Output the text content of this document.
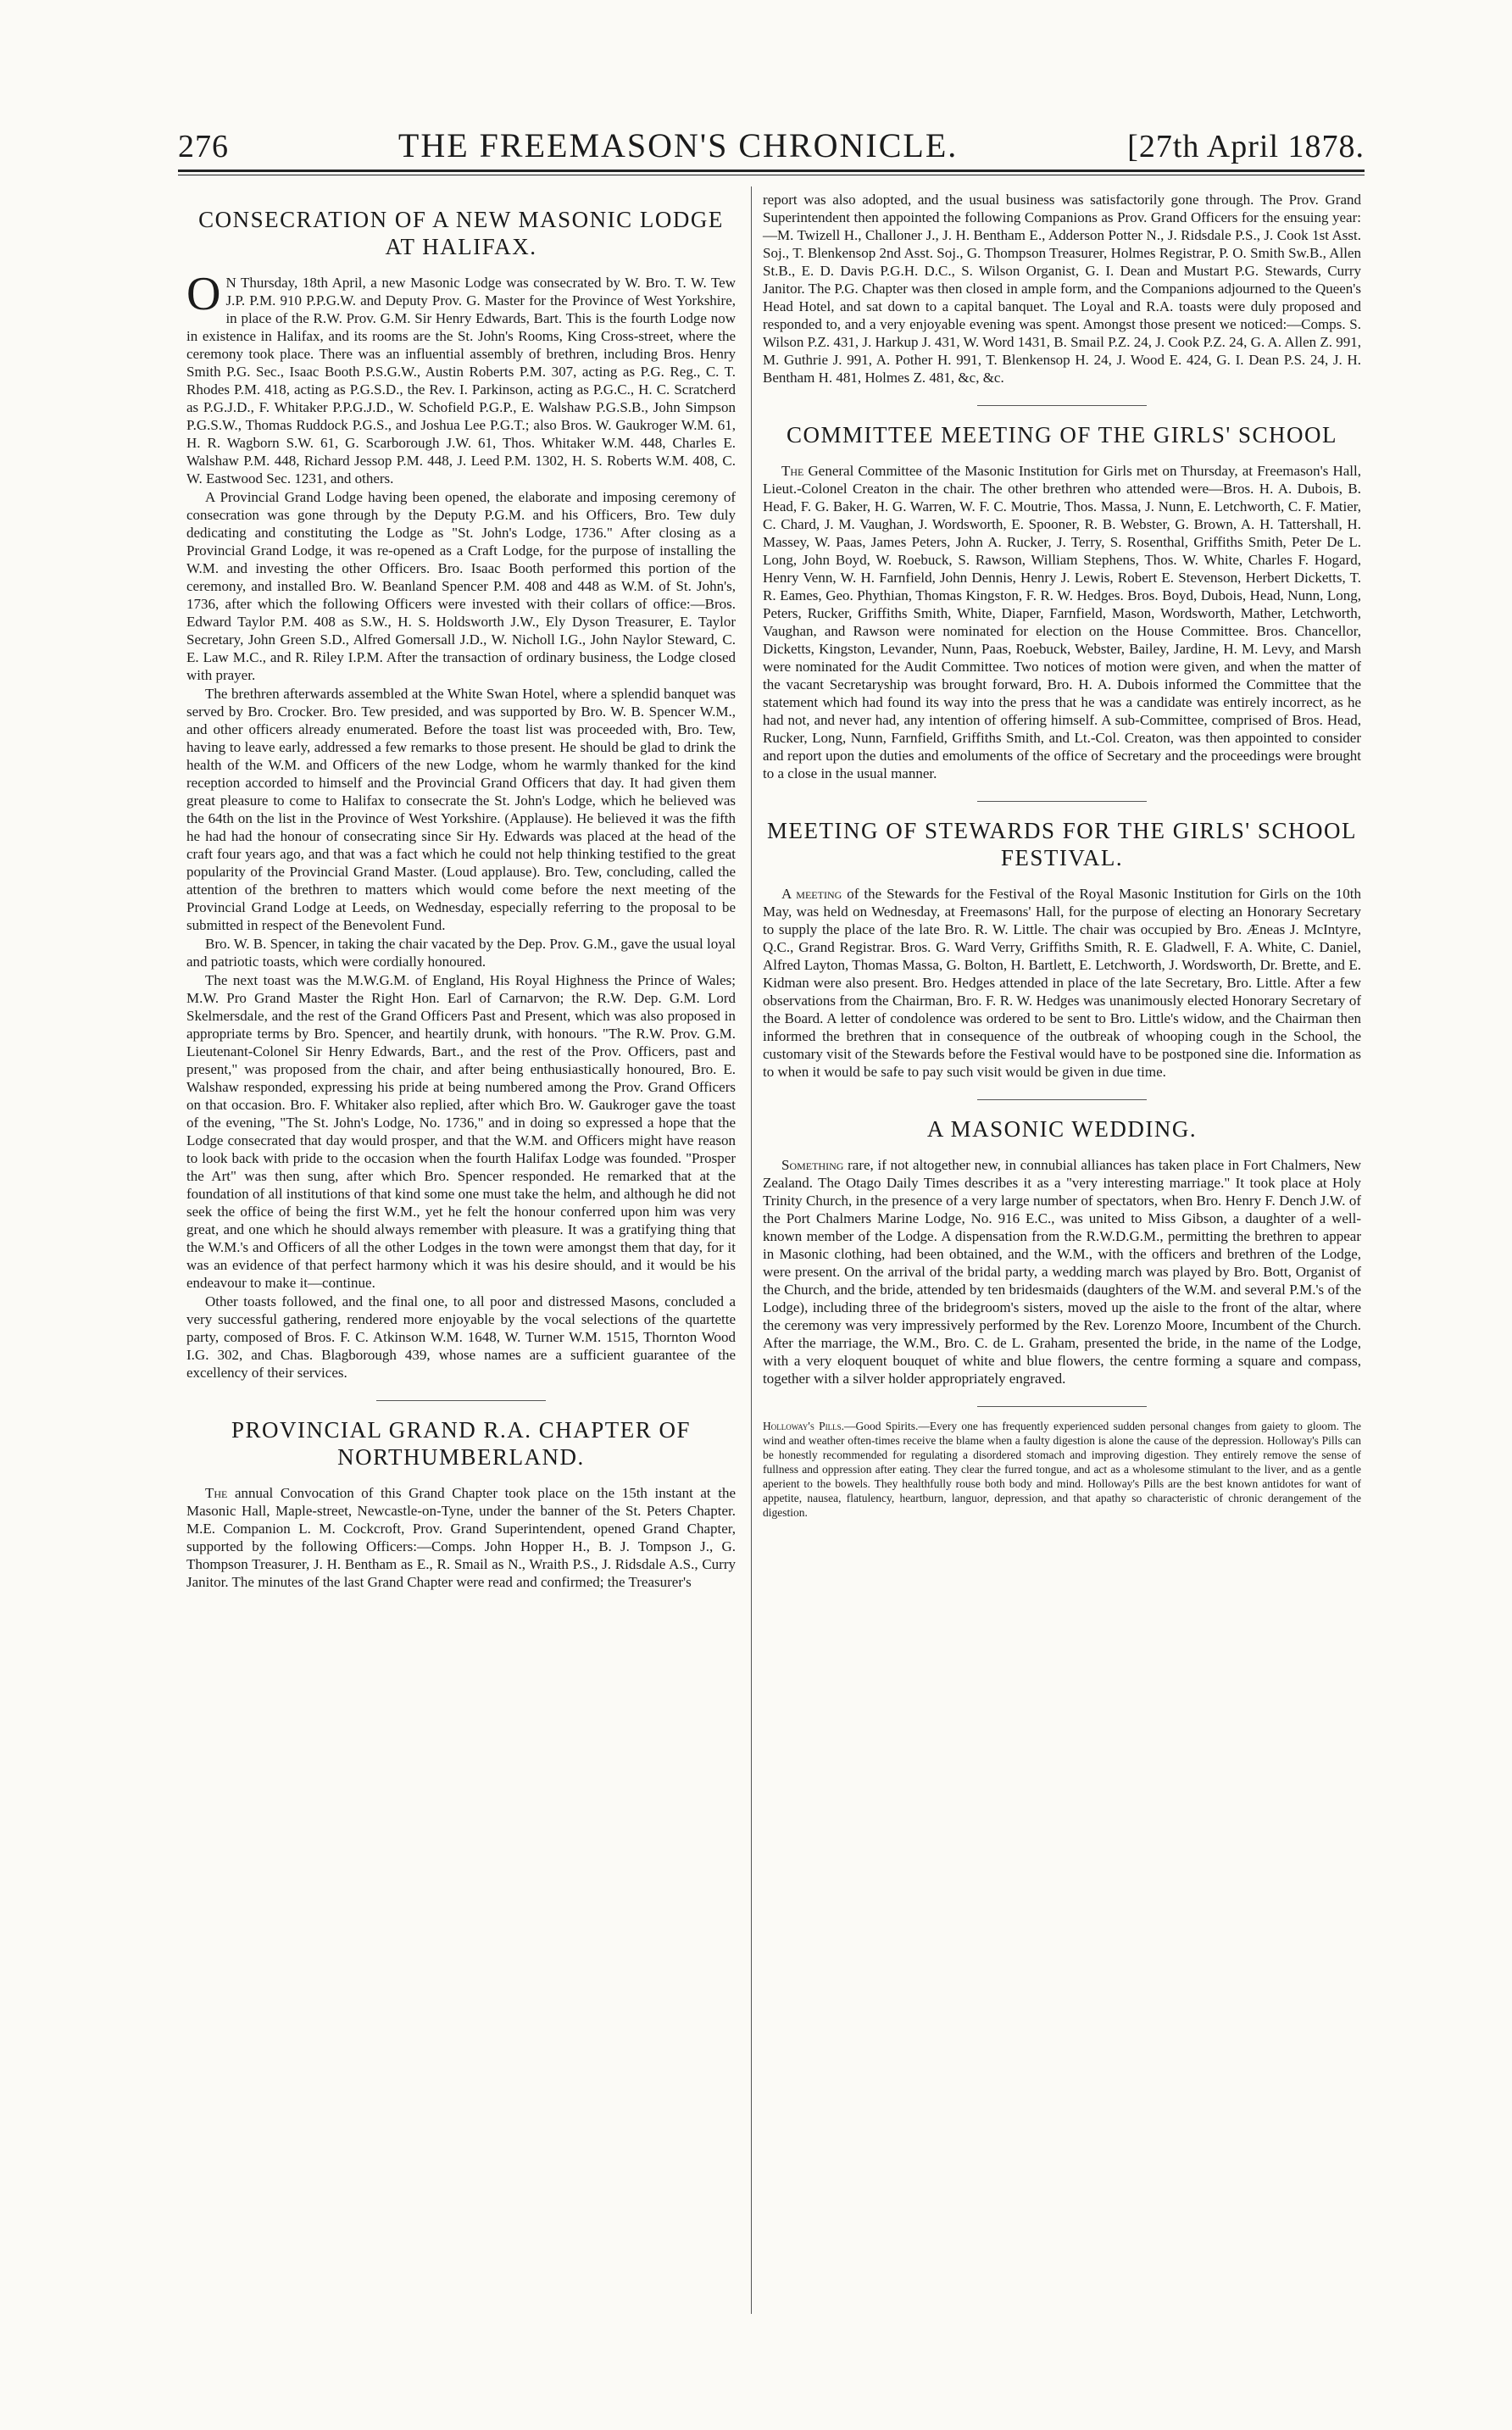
276	THE FREEMASON'S CHRONICLE.	[27th April 1878.
CONSECRATION OF A NEW MASONIC LODGE AT HALIFAX.

O N Thursday, 18th April, a new Masonic Lodge was consecrated by W. Bro. T. W. Tew J.P. P.M. 910 P.P.G.W. and Deputy Prov. G. Master for the Province of West Yorkshire, in place of the R.W. Prov. G.M. Sir Henry Edwards, Bart. This is the fourth Lodge now in existence in Halifax, and its rooms are the St. John's Rooms, King Cross-street, where the ceremony took place. There was an influential assembly of brethren, including Bros. Henry Smith P.G. Sec., Isaac Booth P.S.G.W., Austin Roberts P.M. 307, acting as P.G. Reg., C. T. Rhodes P.M. 418, acting as P.G.S.D., the Rev. I. Parkinson, acting as P.G.C., H. C. Scratcherd as P.G.J.D., F. Whitaker P.P.G.J.D., W. Schofield P.G.P., E. Walshaw P.G.S.B., John Simpson P.G.S.W., Thomas Ruddock P.G.S., and Joshua Lee P.G.T.; also Bros. W. Gaukroger W.M. 61, H. R. Wagborn S.W. 61, G. Scarborough J.W. 61, Thos. Whitaker W.M. 448, Charles E. Walshaw P.M. 448, Richard Jessop P.M. 448, J. Leed P.M. 1302, H. S. Roberts W.M. 408, C. W. Eastwood Sec. 1231, and others.

A Provincial Grand Lodge having been opened, the elaborate and imposing ceremony of consecration was gone through by the Deputy P.G.M. and his Officers, Bro. Tew duly dedicating and constituting the Lodge as "St. John's Lodge, 1736." After closing as a Provincial Grand Lodge, it was re-opened as a Craft Lodge, for the purpose of installing the W.M. and investing the other Officers. Bro. Isaac Booth performed this portion of the ceremony, and installed Bro. W. Beanland Spencer P.M. 408 and 448 as W.M. of St. John's, 1736, after which the following Officers were invested with their collars of office:—Bros. Edward Taylor P.M. 408 as S.W., H. S. Holdsworth J.W., Ely Dyson Treasurer, E. Taylor Secretary, John Green S.D., Alfred Gomersall J.D., W. Nicholl I.G., John Naylor Steward, C. E. Law M.C., and R. Riley I.P.M. After the transaction of ordinary business, the Lodge closed with prayer.

The brethren afterwards assembled at the White Swan Hotel, where a splendid banquet was served by Bro. Crocker. Bro. Tew presided, and was supported by Bro. W. B. Spencer W.M., and other officers already enumerated. Before the toast list was proceeded with, Bro. Tew, having to leave early, addressed a few remarks to those present. He should be glad to drink the health of the W.M. and Officers of the new Lodge, whom he warmly thanked for the kind reception accorded to himself and the Provincial Grand Officers that day. It had given them great pleasure to come to Halifax to consecrate the St. John's Lodge, which he believed was the 64th on the list in the Province of West Yorkshire. (Applause). He believed it was the fifth he had had the honour of consecrating since Sir Hy. Edwards was placed at the head of the craft four years ago, and that was a fact which he could not help thinking testified to the great popularity of the Provincial Grand Master. (Loud applause). Bro. Tew, concluding, called the attention of the brethren to matters which would come before the next meeting of the Provincial Grand Lodge at Leeds, on Wednesday, especially referring to the proposal to be submitted in respect of the Benevolent Fund.

Bro. W. B. Spencer, in taking the chair vacated by the Dep. Prov. G.M., gave the usual loyal and patriotic toasts, which were cordially honoured.

The next toast was the M.W.G.M. of England, His Royal Highness the Prince of Wales; M.W. Pro Grand Master the Right Hon. Earl of Carnarvon; the R.W. Dep. G.M. Lord Skelmersdale, and the rest of the Grand Officers Past and Present, which was also proposed in appropriate terms by Bro. Spencer, and heartily drunk, with honours. "The R.W. Prov. G.M. Lieutenant-Colonel Sir Henry Edwards, Bart., and the rest of the Prov. Officers, past and present," was proposed from the chair, and after being enthusiastically honoured, Bro. E. Walshaw responded, expressing his pride at being numbered among the Prov. Grand Officers on that occasion. Bro. F. Whitaker also replied, after which Bro. W. Gaukroger gave the toast of the evening, "The St. John's Lodge, No. 1736," and in doing so expressed a hope that the Lodge consecrated that day would prosper, and that the W.M. and Officers might have reason to look back with pride to the occasion when the fourth Halifax Lodge was founded. "Prosper the Art" was then sung, after which Bro. Spencer responded. He remarked that at the foundation of all institutions of that kind some one must take the helm, and although he did not seek the office of being the first W.M., yet he felt the honour conferred upon him was very great, and one which he should always remember with pleasure. It was a gratifying thing that the W.M.'s and Officers of all the other Lodges in the town were amongst them that day, for it was an evidence of that perfect harmony which it was his desire should, and it would be his endeavour to make it—continue.

Other toasts followed, and the final one, to all poor and distressed Masons, concluded a very successful gathering, rendered more enjoyable by the vocal selections of the quartette party, composed of Bros. F. C. Atkinson W.M. 1648, W. Turner W.M. 1515, Thornton Wood I.G. 302, and Chas. Blagborough 439, whose names are a sufficient guarantee of the excellency of their services.

PROVINCIAL GRAND R.A. CHAPTER OF NORTHUMBERLAND.

The annual Convocation of this Grand Chapter took place on the 15th instant at the Masonic Hall, Maple-street, Newcastle-on-Tyne, under the banner of the St. Peters Chapter. M.E. Companion L. M. Cockcroft, Prov. Grand Superintendent, opened Grand Chapter, supported by the following Officers:—Comps. John Hopper H., B. J. Tompson J., G. Thompson Treasurer, J. H. Bentham as E., R. Smail as N., Wraith P.S., J. Ridsdale A.S., Curry Janitor. The minutes of the last Grand Chapter were read and confirmed; the Treasurer's

report was also adopted, and the usual business was satisfactorily gone through. The Prov. Grand Superintendent then appointed the following Companions as Prov. Grand Officers for the ensuing year:—M. Twizell H., Challoner J., J. H. Bentham E., Adderson Potter N., J. Ridsdale P.S., J. Cook 1st Asst. Soj., T. Blenkensop 2nd Asst. Soj., G. Thompson Treasurer, Holmes Registrar, P. O. Smith Sw.B., Allen St.B., E. D. Davis P.G.H. D.C., S. Wilson Organist, G. I. Dean and Mustart P.G. Stewards, Curry Janitor. The P.G. Chapter was then closed in ample form, and the Companions adjourned to the Queen's Head Hotel, and sat down to a capital banquet. The Loyal and R.A. toasts were duly proposed and responded to, and a very enjoyable evening was spent. Amongst those present we noticed:—Comps. S. Wilson P.Z. 431, J. Harkup J. 431, W. Word 1431, B. Smail P.Z. 24, J. Cook P.Z. 24, G. A. Allen Z. 991, M. Guthrie J. 991, A. Pother H. 991, T. Blenkensop H. 24, J. Wood E. 424, G. I. Dean P.S. 24, J. H. Bentham H. 481, Holmes Z. 481, &c, &c.

COMMITTEE MEETING OF THE GIRLS' SCHOOL

The General Committee of the Masonic Institution for Girls met on Thursday, at Freemason's Hall, Lieut.-Colonel Creaton in the chair. The other brethren who attended were—Bros. H. A. Dubois, B. Head, F. G. Baker, H. G. Warren, W. F. C. Moutrie, Thos. Massa, J. Nunn, E. Letchworth, C. F. Matier, C. Chard, J. M. Vaughan, J. Wordsworth, E. Spooner, R. B. Webster, G. Brown, A. H. Tattershall, H. Massey, W. Paas, James Peters, John A. Rucker, J. Terry, S. Rosenthal, Griffiths Smith, Peter De L. Long, John Boyd, W. Roebuck, S. Rawson, William Stephens, Thos. W. White, Charles F. Hogard, Henry Venn, W. H. Farnfield, John Dennis, Henry J. Lewis, Robert E. Stevenson, Herbert Dicketts, T. R. Eames, Geo. Phythian, Thomas Kingston, F. R. W. Hedges. Bros. Boyd, Dubois, Head, Nunn, Long, Peters, Rucker, Griffiths Smith, White, Diaper, Farnfield, Mason, Wordsworth, Mather, Letchworth, Vaughan, and Rawson were nominated for election on the House Committee. Bros. Chancellor, Dicketts, Kingston, Levander, Nunn, Paas, Roebuck, Webster, Bailey, Jardine, H. M. Levy, and Marsh were nominated for the Audit Committee. Two notices of motion were given, and when the matter of the vacant Secretaryship was brought forward, Bro. H. A. Dubois informed the Committee that the statement which had found its way into the press that he was a candidate was entirely incorrect, as he had not, and never had, any intention of offering himself. A sub-Committee, comprised of Bros. Head, Rucker, Long, Nunn, Farnfield, Griffiths Smith, and Lt.-Col. Creaton, was then appointed to consider and report upon the duties and emoluments of the office of Secretary and the proceedings were brought to a close in the usual manner.

MEETING OF STEWARDS FOR THE GIRLS' SCHOOL FESTIVAL.

A meeting of the Stewards for the Festival of the Royal Masonic Institution for Girls on the 10th May, was held on Wednesday, at Freemasons' Hall, for the purpose of electing an Honorary Secretary to supply the place of the late Bro. R. W. Little. The chair was occupied by Bro. Æneas J. McIntyre, Q.C., Grand Registrar. Bros. G. Ward Verry, Griffiths Smith, R. E. Gladwell, F. A. White, C. Daniel, Alfred Layton, Thomas Massa, G. Bolton, H. Bartlett, E. Letchworth, J. Wordsworth, Dr. Brette, and E. Kidman were also present. Bro. Hedges attended in place of the late Secretary, Bro. Little. After a few observations from the Chairman, Bro. F. R. W. Hedges was unanimously elected Honorary Secretary of the Board. A letter of condolence was ordered to be sent to Bro. Little's widow, and the Chairman then informed the brethren that in consequence of the outbreak of whooping cough in the School, the customary visit of the Stewards before the Festival would have to be postponed sine die. Information as to when it would be safe to pay such visit would be given in due time.

A MASONIC WEDDING.

Something rare, if not altogether new, in connubial alliances has taken place in Fort Chalmers, New Zealand. The Otago Daily Times describes it as a "very interesting marriage." It took place at Holy Trinity Church, in the presence of a very large number of spectators, when Bro. Henry F. Dench J.W. of the Port Chalmers Marine Lodge, No. 916 E.C., was united to Miss Gibson, a daughter of a well-known member of the Lodge. A dispensation from the R.W.D.G.M., permitting the brethren to appear in Masonic clothing, had been obtained, and the W.M., with the officers and brethren of the Lodge, were present. On the arrival of the bridal party, a wedding march was played by Bro. Bott, Organist of the Church, and the bride, attended by ten bridesmaids (daughters of the W.M. and several P.M.'s of the Lodge), including three of the bridegroom's sisters, moved up the aisle to the front of the altar, where the ceremony was very impressively performed by the Rev. Lorenzo Moore, Incumbent of the Church. After the marriage, the W.M., Bro. C. de L. Graham, presented the bride, in the name of the Lodge, with a very eloquent bouquet of white and blue flowers, the centre forming a square and compass, together with a silver holder appropriately engraved.

Holloway's Pills.—Good Spirits.—Every one has frequently experienced sudden personal changes from gaiety to gloom. The wind and weather often-times receive the blame when a faulty digestion is alone the cause of the depression. Holloway's Pills can be honestly recommended for regulating a disordered stomach and improving digestion. They entirely remove the sense of fullness and oppression after eating. They clear the furred tongue, and act as a wholesome stimulant to the liver, and as a gentle aperient to the bowels. They healthfully rouse both body and mind. Holloway's Pills are the best known antidotes for want of appetite, nausea, flatulency, heartburn, languor, depression, and that apathy so characteristic of chronic derangement of the digestion.
